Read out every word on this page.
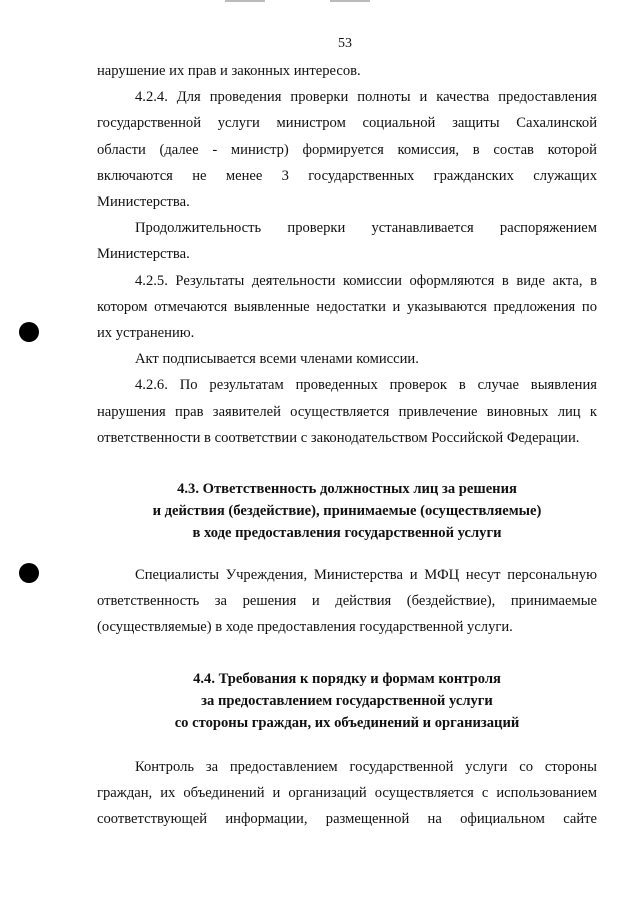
53

нарушение их прав и законных интересов.

4.2.4. Для проведения проверки полноты и качества предоставления
государственной услуги министром социальной защиты Сахалинской
области (далее - министр) формируется комиссия, в состав которой
включаются не менее 3 государственных гражданских служащих
Министерства.

Продолжительность проверки устанавливается распоряжением
Министерства.

4.2.5. Результаты деятельности комиссии оформляются в виде акта, в
котором отмечаются выявленные недостатки и указываются предложения по
их устранению.

Акт подписывается всеми членами комиссии.

4.2.6. По результатам проведенных проверок в случае выявления
нарушения прав заявителей осуществляется привлечение виновных лиц к
ответственности в соответствии с законодательством Российской Федерации.

4.3. Ответственность должностных лиц за решения
и действия (бездействие), принимаемые (осуществляемые)
в ходе предоставления государственной услуги

Специалисты Учреждения, Министерства и МФЦ несут персональную
ответственность за решения и действия (бездействие), принимаемые
(осуществляемые) в ходе предоставления государственной услуги.

4.4. Требования к порядку и формам контроля
за предоставлением государственной услуги
со стороны граждан, их объединений и организаций

Контроль за предоставлением государственной услуги со стороны
граждан, их объединений и организаций осуществляется с использованием
соответствующей информации, размещенной на официальном сайте
